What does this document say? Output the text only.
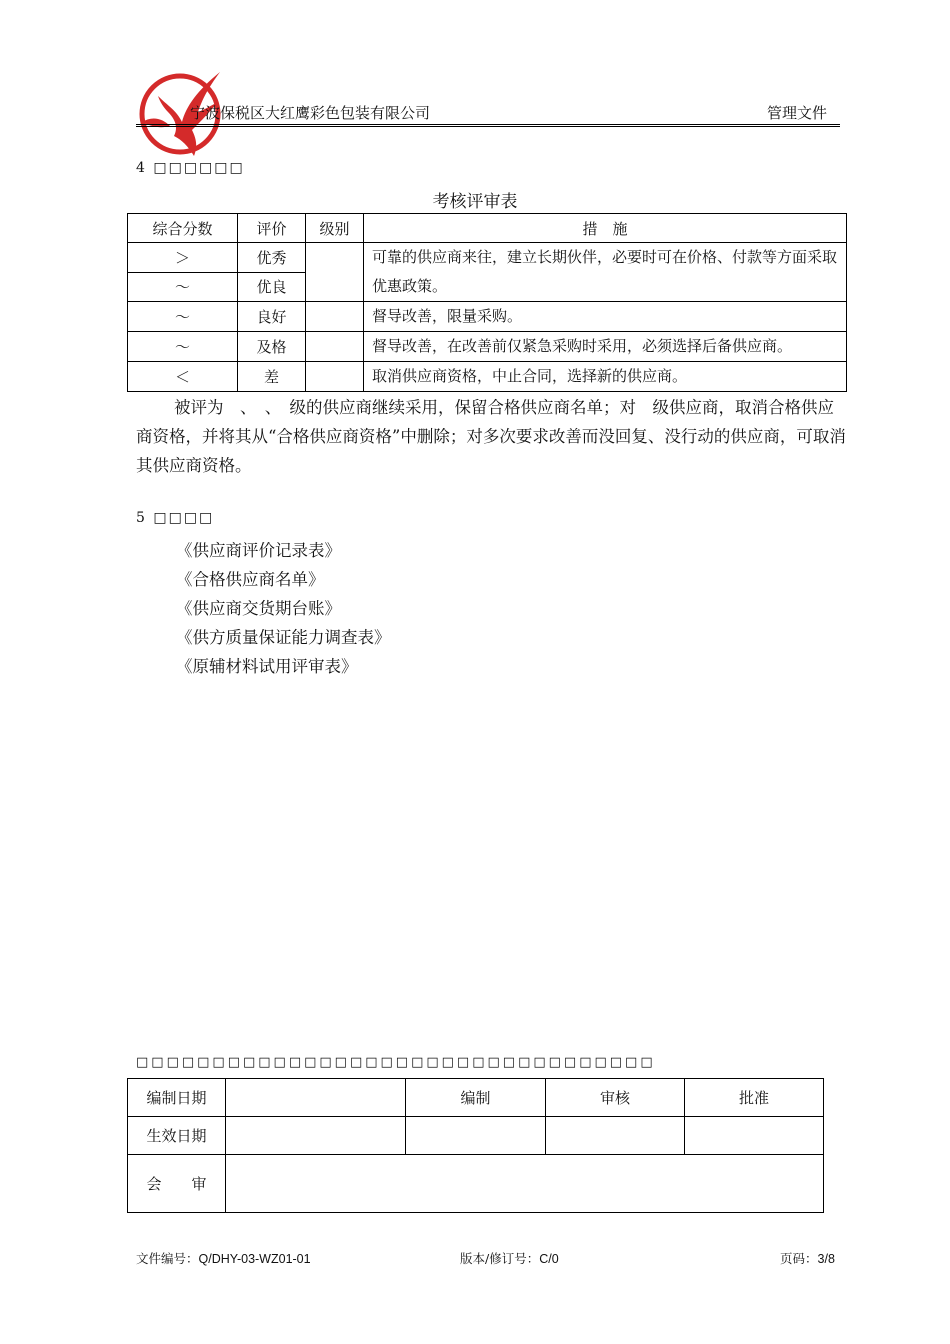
宁波保税区大红鹰彩色包装有限公司	管理文件
4 □□□□□□
考核评审表
综合分数	评价	级别	措　施
＞	优秀		可靠的供应商来往，建立长期伙伴，必要时可在价格、付款等方面采取优惠政策。
～	优良		
～	良好		督导改善，限量采购。
～	及格		督导改善，在改善前仅紧急采购时采用，必须选择后备供应商。
＜	差		取消供应商资格，中止合同，选择新的供应商。
被评为　、　、　级的供应商继续采用，保留合格供应商名单；对　级供应商，取消合格供应商资格，并将其从“合格供应商资格”中删除；对多次要求改善而没回复、没行动的供应商，可取消其供应商资格。
5 □□□□
《供应商评价记录表》
《合格供应商名单》
《供应商交货期台账》
《供方质量保证能力调查表》
《原辅材料试用评审表》
□□□□□□□□□□□□□□□□□□□□□□□□□□□□□□□□□□
编制日期		编制	审核	批准
生效日期				
会　　审				
文件编号：Q/DHY-03-WZ01-01	版本/修订号：C/0	页码：3/8
